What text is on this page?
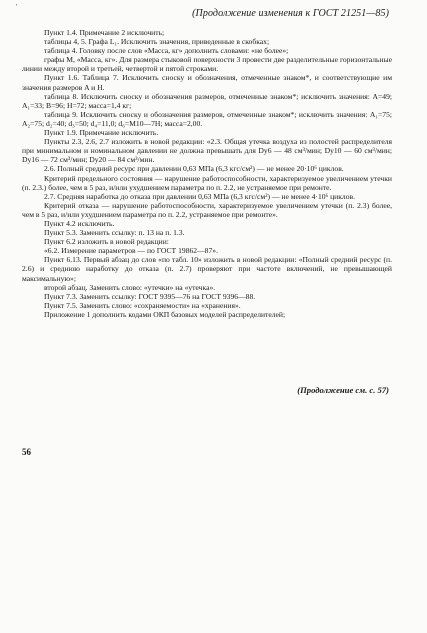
'
(Продолжение изменения к ГОСТ 21251—85)

Пункт 1.4. Примечание 2 исключить;

таблицы 4, 5. Графа L₁. Исключить значения, приведенные в скобках;

таблица 4. Головку после слов «Масса, кг» дополнить словами: «не более»;

графы M, «Масса, кг». Для размера стыковой поверхности 3 провести две разделительные горизонтальные линии между второй и третьей, четвертой и пятой строками.

Пункт 1.6. Таблица 7. Исключить сноску и обозначения, отмеченные знаком*, и соответствующие им значения размеров A и H.

таблица 8. Исключить сноску и обозначения размеров, отмеченные знаком*; исключить значения: A=49; A₁=33; B=96; H=72; масса=1,4 кг;

таблица 9. Исключить сноску и обозначения размеров, отмеченные знаком*; исключить значения: A₁=75; A₂=75; d₂=40; d₃=50; d₄=11,0; d₆=M10—7H; масса=2,00.

Пункт 1.9. Примечание исключить.

Пункты 2.3, 2.6, 2.7 изложить в новой редакции: «2.3. Общая утечка воздуха из полостей распределителя при минимальном и номинальном давлении не должна превышать для Dу6 — 48 см³/мин; Dу10 — 60 см³/мин; Dу16 — 72 см³/мин; Dу20 — 84 см³/мин.

2.6. Полный средний ресурс при давлении 0,63 МПа (6,3 кгс/см²) — не менее 20·10⁶ циклов.

Критерий предельного состояния — нарушение работоспособности, характеризуемое увеличением утечки (п. 2.3.) более, чем в 5 раз, и/или ухудшением параметра по п. 2.2, не устраняемое при ремонте.

2.7. Средняя наработка до отказа при давлении 0,63 МПа (6,3 кгс/см²) — не менее 4·10⁶ циклов.

Критерий отказа — нарушение работоспособности, характеризуемое увеличением утечки (п. 2.3) более, чем в 5 раз, и/или ухудшением параметра по п. 2.2, устраняемое при ремонте».

Пункт 4.2 исключить.

Пункт 5.3. Заменить ссылку: п. 13 на п. 1.3.

Пункт 6.2 изложить в новой редакции:

«6.2. Измерение параметров — по ГОСТ 19862—87».

Пункт 6.13. Первый абзац до слов «по табл. 10» изложить в новой редакции: «Полный средний ресурс (п. 2.6) и среднюю наработку до отказа (п. 2.7) проверяют при частоте включений, не превышающей максимальную»;

второй абзац. Заменить слово: «утечки» на «утечка».

Пункт 7.3. Заменить ссылку: ГОСТ 9395—76 на ГОСТ 9396—88.

Пункт 7.5. Заменить слово: «сохраняемости» на «хранения».

Приложение 1 дополнить кодами ОКП базовых моделей распределителей;

(Продолжение см. с. 57)
56
